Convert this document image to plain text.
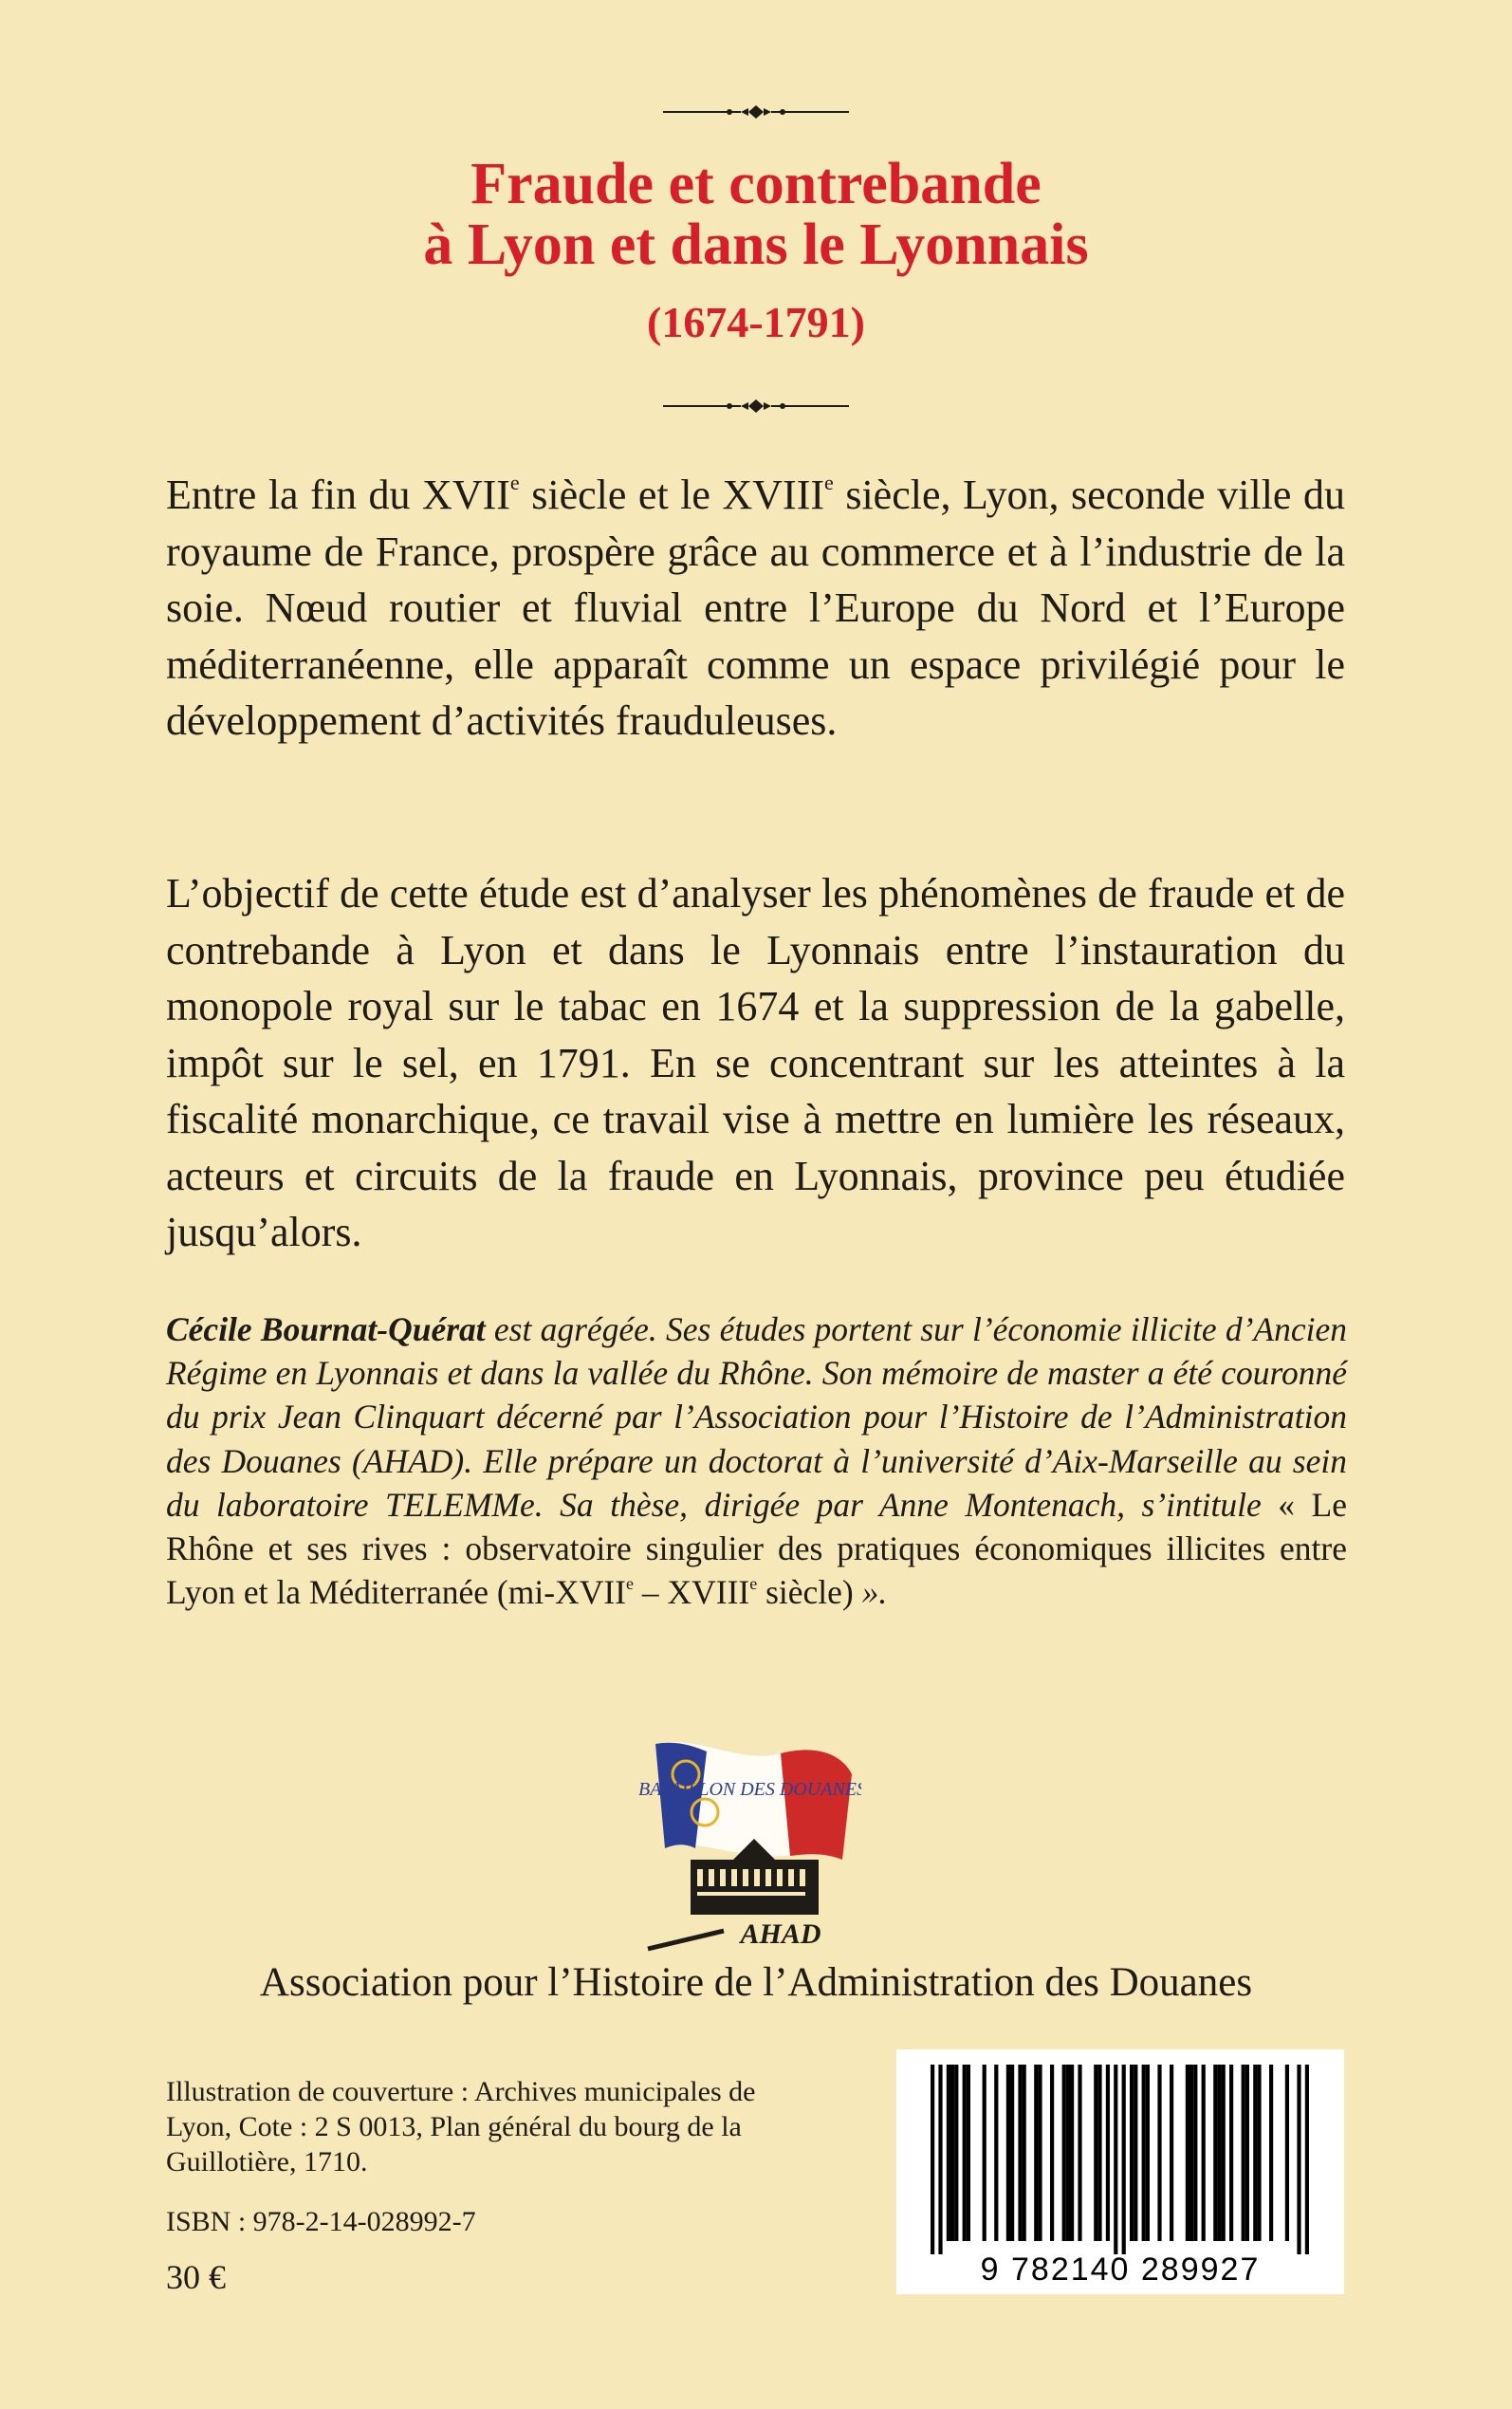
Fraude et contrebande
à Lyon et dans le Lyonnais
(1674-1791)
Entre la fin du XVIIe siècle et le XVIIIe siècle, Lyon, seconde ville du royaume de France, prospère grâce au commerce et à l’industrie de la soie. Nœud routier et fluvial entre l’Europe du Nord et l’Europe méditerranéenne, elle apparaît comme un espace privilégié pour le développement d’activités frauduleuses.
L’objectif de cette étude est d’analyser les phénomènes de fraude et de contrebande à Lyon et dans le Lyonnais entre l’instauration du monopole royal sur le tabac en 1674 et la suppression de la gabelle, impôt sur le sel, en 1791. En se concentrant sur les atteintes à la fiscalité monarchique, ce travail vise à mettre en lumière les réseaux, acteurs et circuits de la fraude en Lyonnais, province peu étudiée jusqu’alors.
Cécile Bournat-Quérat est agrégée. Ses études portent sur l’économie illicite d’Ancien Régime en Lyonnais et dans la vallée du Rhône. Son mémoire de master a été couronné du prix Jean Clinquart décerné par l’Association pour l’Histoire de l’Administration des Douanes (AHAD). Elle prépare un doctorat à l’université d’Aix-Marseille au sein du laboratoire TELEMMe. Sa thèse, dirigée par Anne Montenach, s’intitule « Le Rhône et ses rives : observatoire singulier des pratiques économiques illicites entre Lyon et la Méditerranée (mi-XVIIe – XVIIIe siècle) ».
BATAILLON DES DOUANES
AHAD
Association pour l’Histoire de l’Administration des Douanes
Illustration de couverture : Archives municipales de Lyon, Cote : 2 S 0013, Plan général du bourg de la Guillotière, 1710.
ISBN : 978-2-14-028992-7
30 €	9 782140 289927
